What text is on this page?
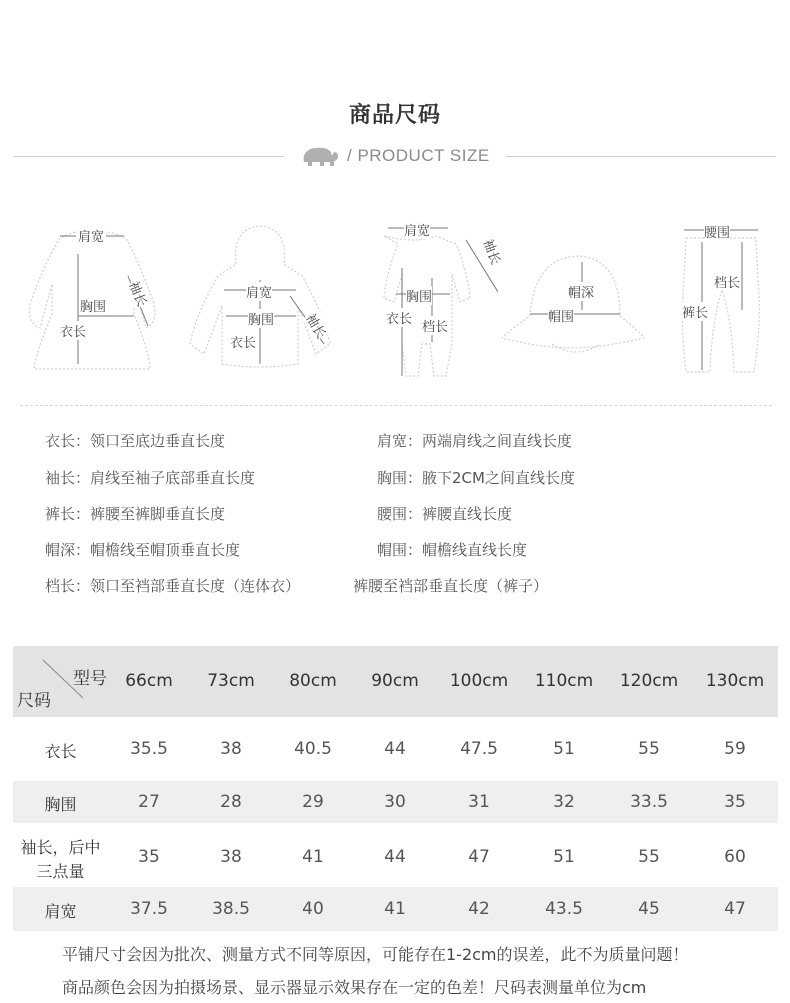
商品尺码
/ PRODUCT SIZE
肩宽
胸围
衣长
袖长	肩宽
胸围
衣长
袖长
肩宽
袖长
胸围
衣长
档长
帽深
帽围
腰围
档长
裤长
衣长：领口至底边垂直长度	肩宽：两端肩线之间直线长度
袖长：肩线至袖子底部垂直长度	胸围：腋下2CM之间直线长度
裤长：裤腰至裤脚垂直长度	腰围：裤腰直线长度
帽深：帽檐线至帽顶垂直长度	帽围：帽檐线直线长度
档长：领口至裆部垂直长度（连体衣）	裤腰至裆部垂直长度（裤子）
型号
尺码
66cm	73cm	80cm	90cm	100cm	110cm	120cm	130cm
衣长	35.5	38	40.5	44	47.5	51	55	59
胸围	27	28	29	30	31	32	33.5	35
袖长，后中
三点量
35	38	41	44	47	51	55	60
肩宽	37.5	38.5	40	41	42	43.5	45	47
平铺尺寸会因为批次、测量方式不同等原因，可能存在1-2cm的误差，此不为质量问题！
商品颜色会因为拍摄场景、显示器显示效果存在一定的色差！尺码表测量单位为cm
